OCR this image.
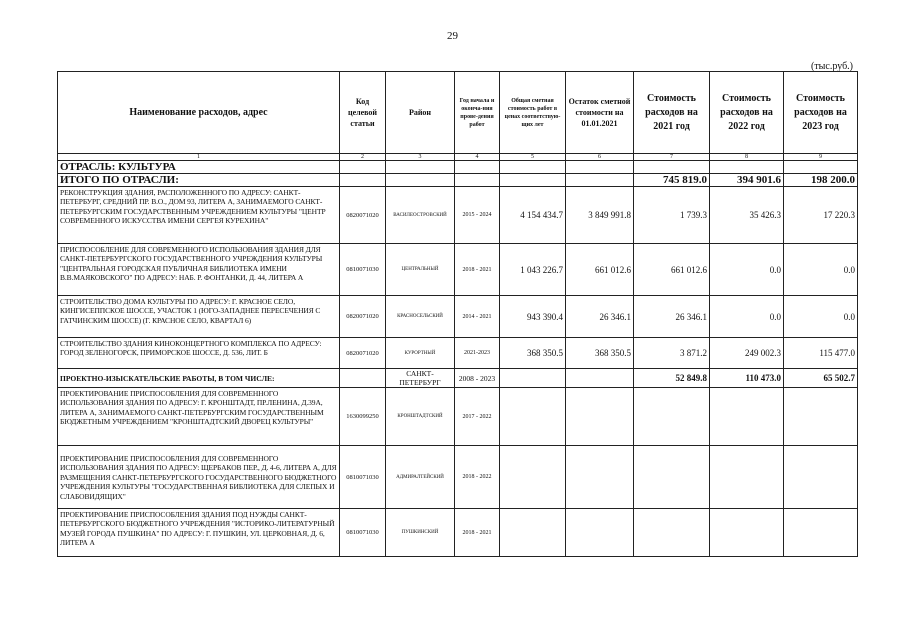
29
(тыс.руб.)
Наименование расходов, адрес	Код целевой статьи	Район	Год начала и оконча-ния прове-дения работ	Общая сметная стоимость работ в ценах соответствую-щих лет	Остаток сметной стоимости на 01.01.2021	Стоимость расходов на 2021 год	Стоимость расходов на 2022 год	Стоимость расходов на 2023 год
1	2	3	4	5	6	7	8	9
ОТРАСЛЬ: КУЛЬТУРА								
ИТОГО ПО ОТРАСЛИ:						745 819.0	394 901.6	198 200.0
РЕКОНСТРУКЦИЯ ЗДАНИЯ, РАСПОЛОЖЕННОГО ПО АДРЕСУ: САНКТ-ПЕТЕРБУРГ, СРЕДНИЙ ПР. В.О., ДОМ 93, ЛИТЕРА А, ЗАНИМАЕМОГО САНКТ-ПЕТЕРБУРГСКИМ ГОСУДАРСТВЕННЫМ УЧРЕЖДЕНИЕМ КУЛЬТУРЫ "ЦЕНТР СОВРЕМЕННОГО ИСКУССТВА ИМЕНИ СЕРГЕЯ КУРЕХИНА"	0820071020	ВАСИЛЕОСТРОВСКИЙ	2015 - 2024	4 154 434.7	3 849 991.8	1 739.3	35 426.3	17 220.3
ПРИСПОСОБЛЕНИЕ ДЛЯ СОВРЕМЕННОГО ИСПОЛЬЗОВАНИЯ ЗДАНИЯ ДЛЯ САНКТ-ПЕТЕРБУРГСКОГО ГОСУДАРСТВЕННОГО УЧРЕЖДЕНИЯ КУЛЬТУРЫ "ЦЕНТРАЛЬНАЯ ГОРОДСКАЯ ПУБЛИЧНАЯ БИБЛИОТЕКА ИМЕНИ В.В.МАЯКОВСКОГО" ПО АДРЕСУ: НАБ. Р. ФОНТАНКИ, Д. 44, ЛИТЕРА А	0810071030	ЦЕНТРАЛЬНЫЙ	2018 - 2021	1 043 226.7	661 012.6	661 012.6	0.0	0.0
СТРОИТЕЛЬСТВО ДОМА КУЛЬТУРЫ ПО АДРЕСУ: Г. КРАСНОЕ СЕЛО, КИНГИСЕППСКОЕ ШОССЕ, УЧАСТОК 1 (ЮГО-ЗАПАДНЕЕ ПЕРЕСЕЧЕНИЯ С ГАТЧИНСКИМ ШОССЕ) (Г. КРАСНОЕ СЕЛО, КВАРТАЛ 6)	0820071020	КРАСНОСЕЛЬСКИЙ	2014 - 2021	943 390.4	26 346.1	26 346.1	0.0	0.0
СТРОИТЕЛЬСТВО ЗДАНИЯ КИНОКОНЦЕРТНОГО КОМПЛЕКСА ПО АДРЕСУ: ГОРОД ЗЕЛЕНОГОРСК, ПРИМОРСКОЕ ШОССЕ, Д. 536, ЛИТ. Б	0820071020	КУРОРТНЫЙ	2021-2023	368 350.5	368 350.5	3 871.2	249 002.3	115 477.0
ПРОЕКТНО-ИЗЫСКАТЕЛЬСКИЕ РАБОТЫ, В ТОМ ЧИСЛЕ:		САНКТ-ПЕТЕРБУРГ	2008 - 2023			52 849.8	110 473.0	65 502.7
ПРОЕКТИРОВАНИЕ ПРИСПОСОБЛЕНИЯ ДЛЯ СОВРЕМЕННОГО ИСПОЛЬЗОВАНИЯ ЗДАНИЯ ПО АДРЕСУ: Г. КРОНШТАДТ, ПР.ЛЕНИНА, Д.39А, ЛИТЕРА А, ЗАНИМАЕМОГО САНКТ-ПЕТЕРБУРГСКИМ ГОСУДАРСТВЕННЫМ БЮДЖЕТНЫМ УЧРЕЖДЕНИЕМ "КРОНШТАДТСКИЙ ДВОРЕЦ КУЛЬТУРЫ"	1630099250	КРОНШТАДТСКИЙ	2017 - 2022					
ПРОЕКТИРОВАНИЕ ПРИСПОСОБЛЕНИЯ ДЛЯ СОВРЕМЕННОГО ИСПОЛЬЗОВАНИЯ ЗДАНИЯ ПО АДРЕСУ: ЩЕРБАКОВ ПЕР., Д. 4-6, ЛИТЕРА А, ДЛЯ РАЗМЕЩЕНИЯ САНКТ-ПЕТЕРБУРГСКОГО ГОСУДАРСТВЕННОГО БЮДЖЕТНОГО УЧРЕЖДЕНИЯ КУЛЬТУРЫ "ГОСУДАРСТВЕННАЯ БИБЛИОТЕКА ДЛЯ СЛЕПЫХ И СЛАБОВИДЯЩИХ"	0810071030	АДМИРАЛТЕЙСКИЙ	2018 - 2022					
ПРОЕКТИРОВАНИЕ ПРИСПОСОБЛЕНИЯ ЗДАНИЯ ПОД НУЖДЫ САНКТ-ПЕТЕРБУРГСКОГО БЮДЖЕТНОГО УЧРЕЖДЕНИЯ "ИСТОРИКО-ЛИТЕРАТУРНЫЙ МУЗЕЙ ГОРОДА ПУШКИНА" ПО АДРЕСУ: Г. ПУШКИН, УЛ. ЦЕРКОВНАЯ, Д. 6, ЛИТЕРА А	0810071030	ПУШКИНСКИЙ	2018 - 2021					
